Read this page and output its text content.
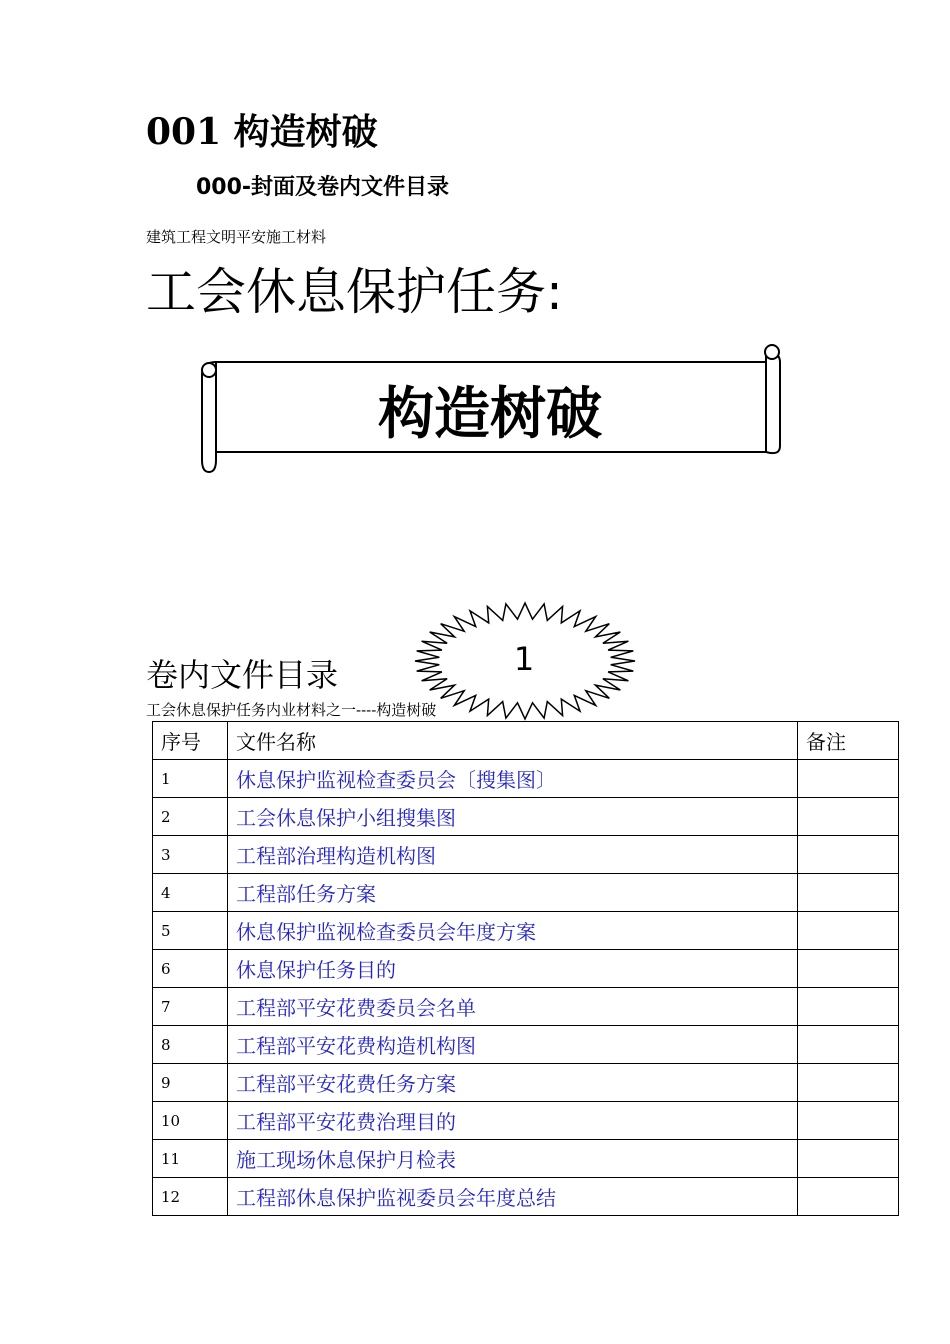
001 构造树破
000-封面及卷内文件目录
建筑工程文明平安施工材料
工会休息保护任务:
构造树破
1
卷内文件目录
工会休息保护任务内业材料之一----构造树破
序号	文件名称	备注
1	休息保护监视检查委员会〔搜集图〕	
2	工会休息保护小组搜集图	
3	工程部治理构造机构图	
4	工程部任务方案	
5	休息保护监视检查委员会年度方案	
6	休息保护任务目的	
7	工程部平安花费委员会名单	
8	工程部平安花费构造机构图	
9	工程部平安花费任务方案	
10	工程部平安花费治理目的	
11	施工现场休息保护月检表	
12	工程部休息保护监视委员会年度总结	
